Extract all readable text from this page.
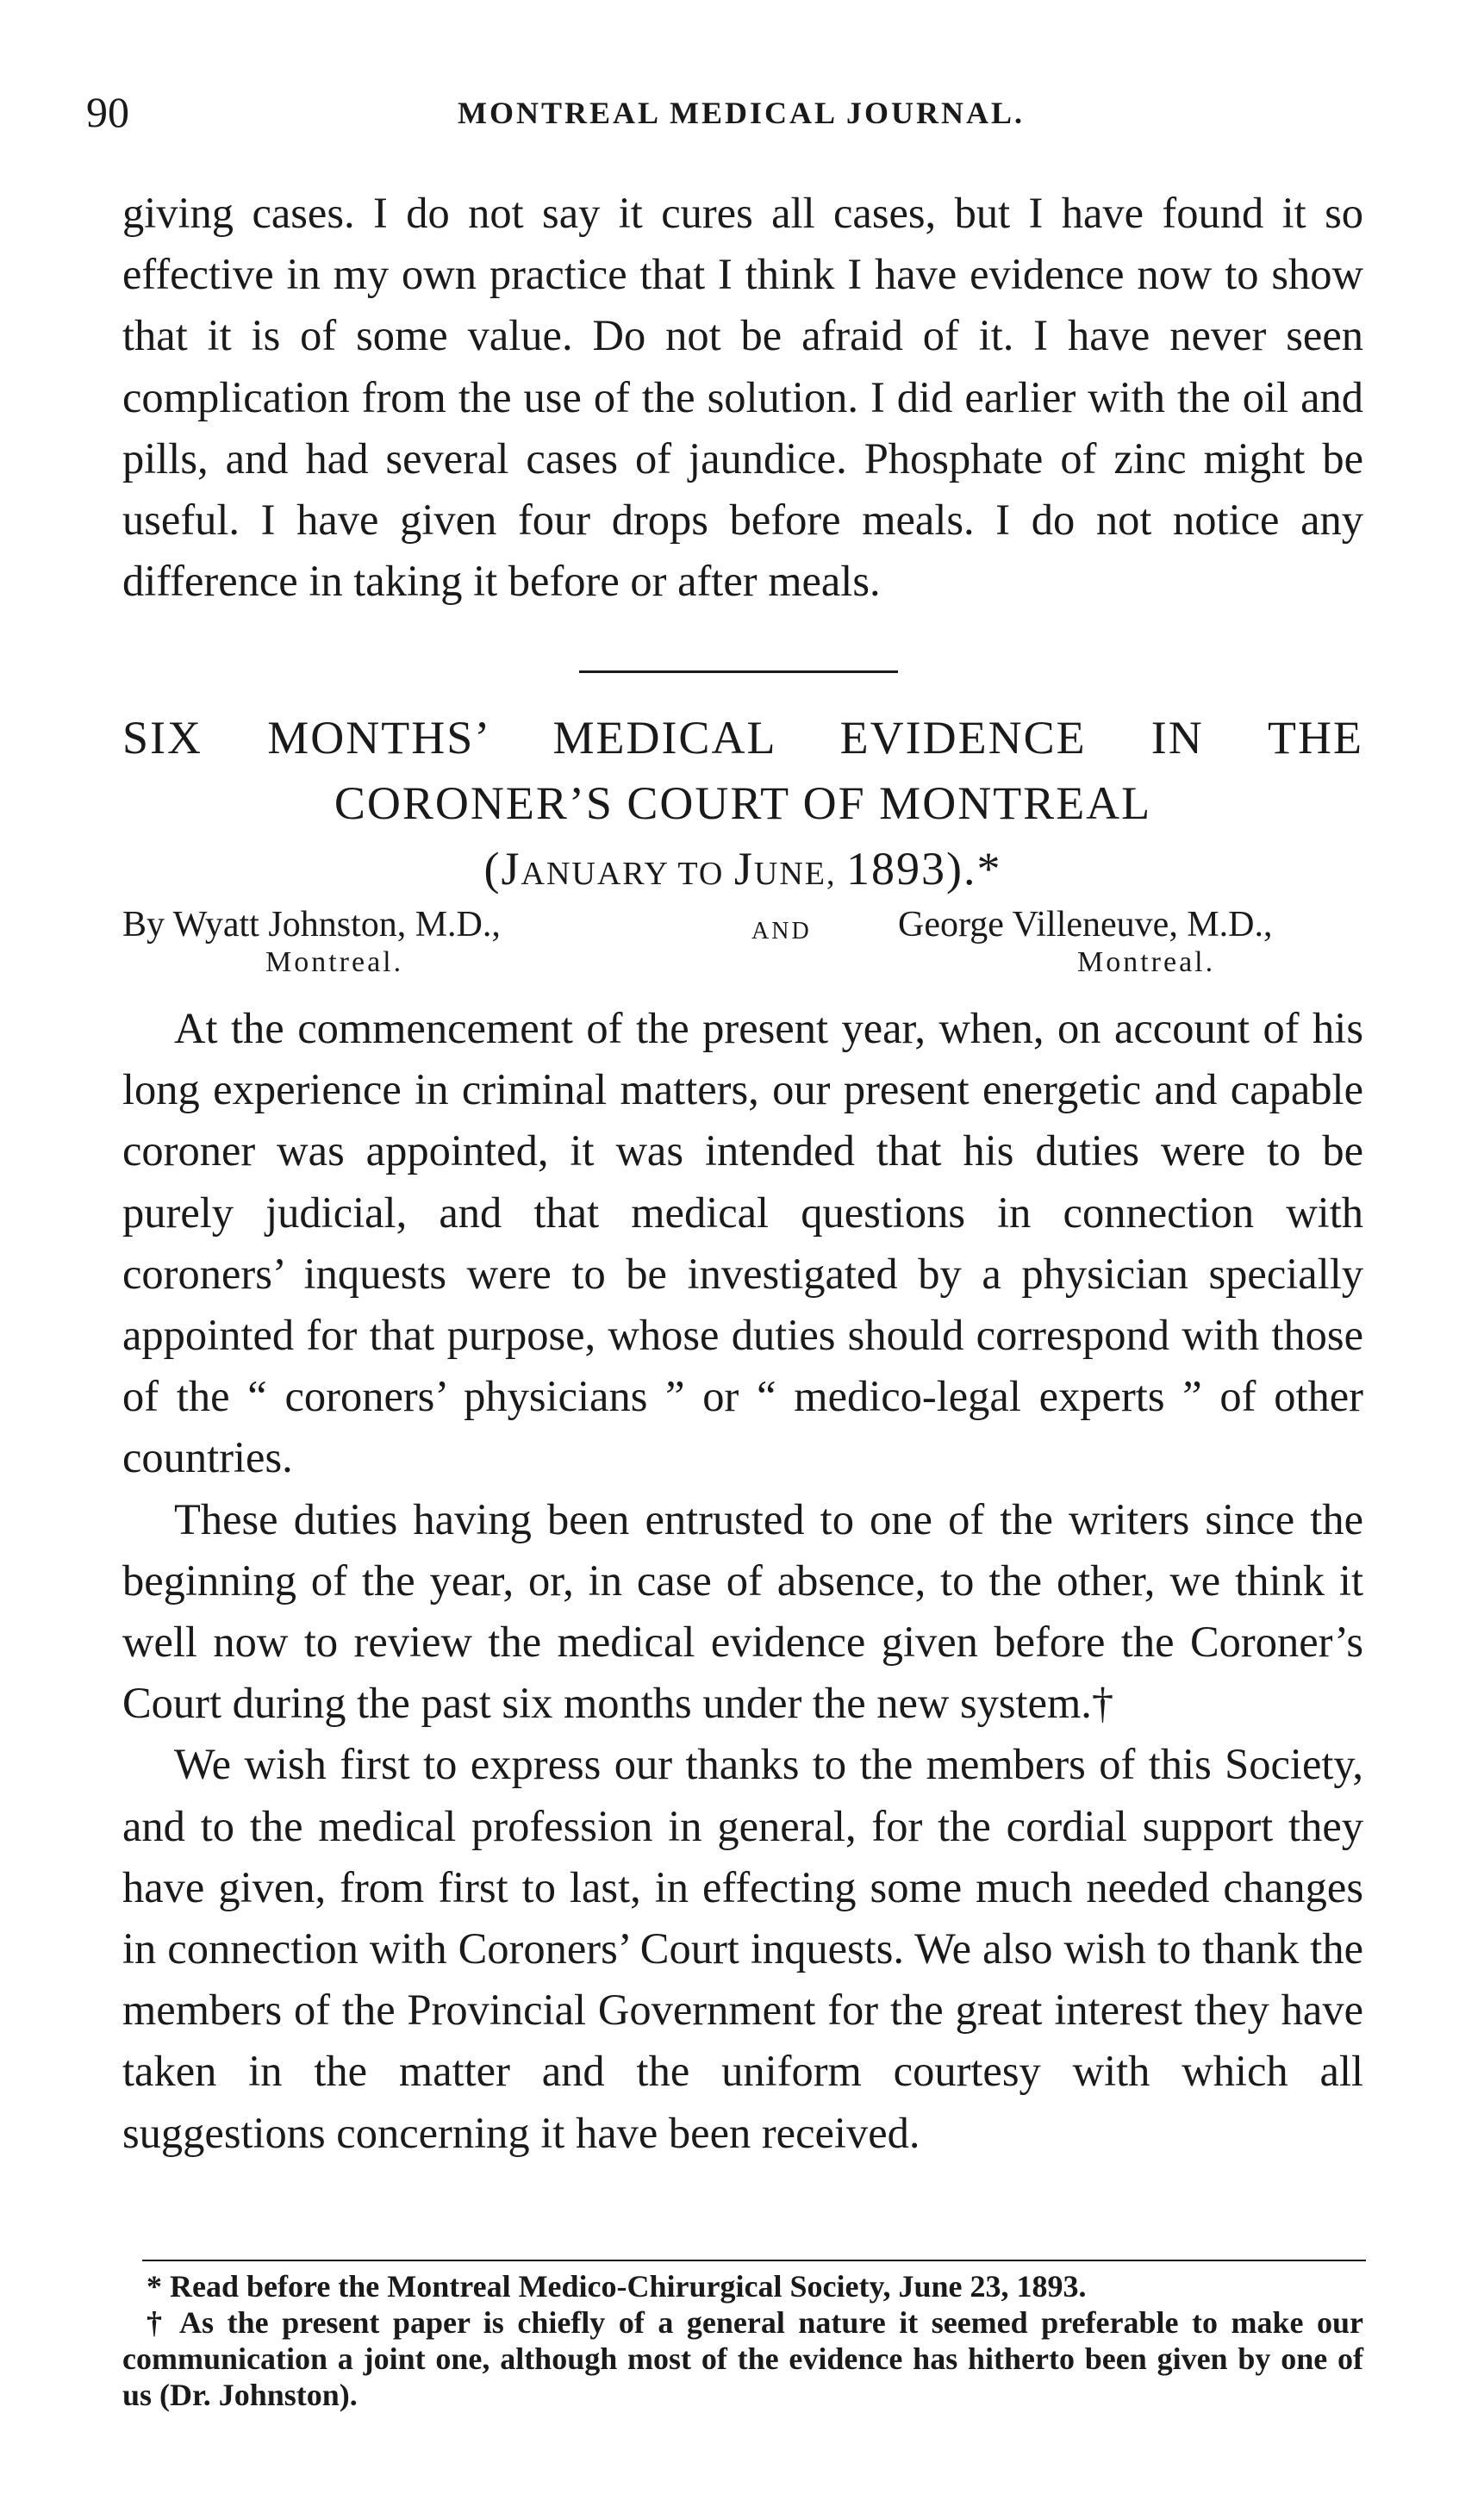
90	MONTREAL MEDICAL JOURNAL.

giving cases. I do not say it cures all cases, but I have found it so effective in my own practice that I think I have evidence now to show that it is of some value. Do not be afraid of it. I have never seen complication from the use of the solution. I did earlier with the oil and pills, and had several cases of jaundice. Phosphate of zinc might be useful. I have given four drops before meals. I do not notice any difference in taking it before or after meals.

SIX MONTHS’ MEDICAL EVIDENCE IN THE

CORONER’S COURT OF MONTREAL

(JANUARY TO JUNE, 1893).*

By Wyatt Johnston, M.D.,
Montreal.
AND George Villeneuve, M.D.,
Montreal.

At the commencement of the present year, when, on account of his long experience in criminal matters, our present energetic and capable coroner was appointed, it was intended that his duties were to be purely judicial, and that medical questions in connection with coroners’ inquests were to be investigated by a physician specially appointed for that purpose, whose duties should correspond with those of the “ coroners’ physicians ” or “ medico-legal experts ” of other countries.

These duties having been entrusted to one of the writers since the beginning of the year, or, in case of absence, to the other, we think it well now to review the medical evidence given before the Coroner’s Court during the past six months under the new system.†

We wish first to express our thanks to the members of this Society, and to the medical profession in general, for the cordial support they have given, from first to last, in effecting some much needed changes in connection with Coroners’ Court inquests. We also wish to thank the members of the Provincial Government for the great interest they have taken in the matter and the uniform courtesy with which all suggestions concerning it have been received.

* Read before the Montreal Medico-Chirurgical Society, June 23, 1893.

† As the present paper is chiefly of a general nature it seemed preferable to make our communication a joint one, although most of the evidence has hitherto been given by one of us (Dr. Johnston).
